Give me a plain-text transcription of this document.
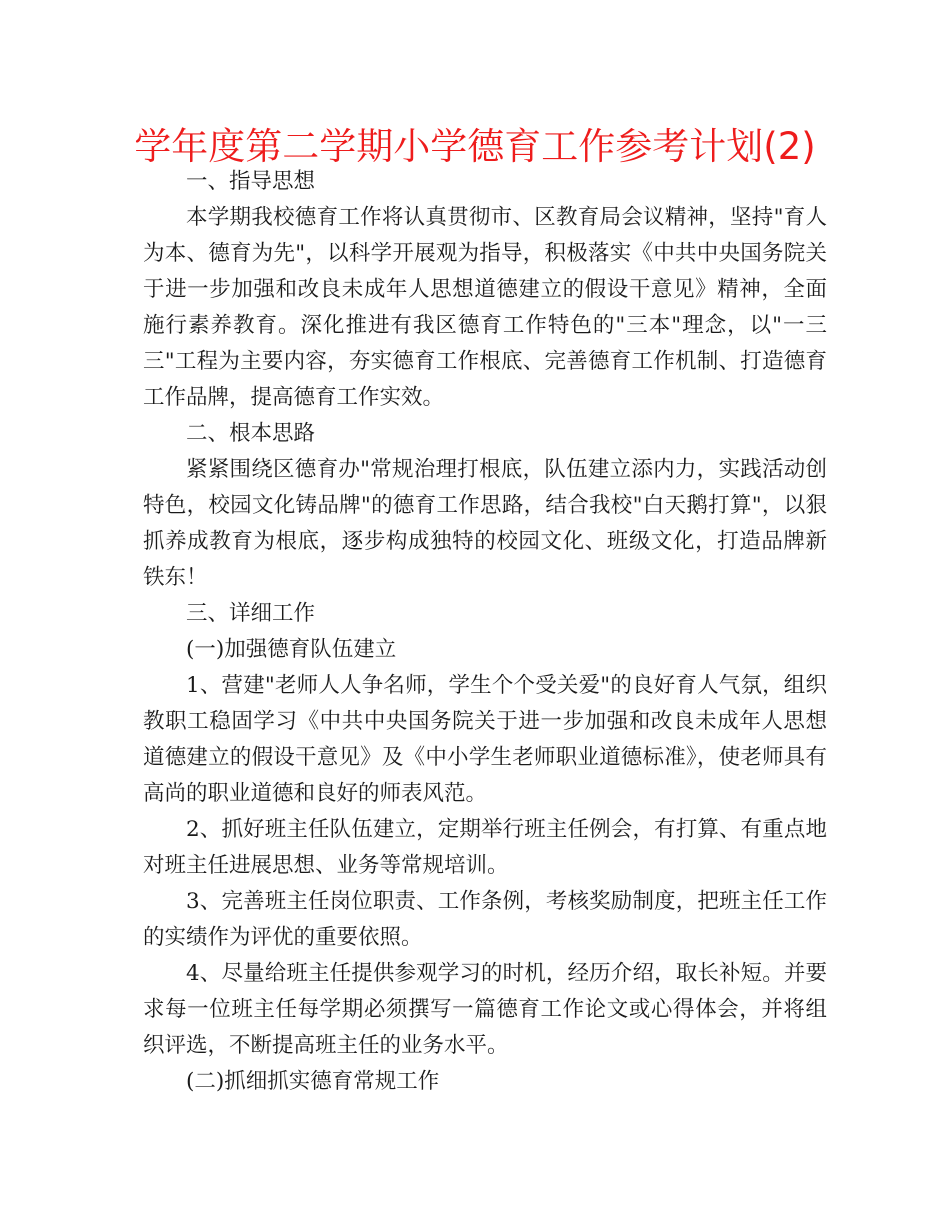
学年度第二学期小学德育工作参考计划(2)

一、指导思想

本学期我校德育工作将认真贯彻市、区教育局会议精神，坚持"育人为本、德育为先"，以科学开展观为指导，积极落实《中共中央国务院关于进一步加强和改良未成年人思想道德建立的假设干意见》精神，全面施行素养教育。深化推进有我区德育工作特色的"三本"理念，以"一三三"工程为主要内容，夯实德育工作根底、完善德育工作机制、打造德育工作品牌，提高德育工作实效。

二、根本思路

紧紧围绕区德育办"常规治理打根底，队伍建立添内力，实践活动创特色，校园文化铸品牌"的德育工作思路，结合我校"白天鹅打算"，以狠抓养成教育为根底，逐步构成独特的校园文化、班级文化，打造品牌新铁东！

三、详细工作

(一)加强德育队伍建立

1、营建"老师人人争名师，学生个个受关爱"的良好育人气氛，组织教职工稳固学习《中共中央国务院关于进一步加强和改良未成年人思想道德建立的假设干意见》及《中小学生老师职业道德标准》，使老师具有高尚的职业道德和良好的师表风范。

2、抓好班主任队伍建立，定期举行班主任例会，有打算、有重点地对班主任进展思想、业务等常规培训。

3、完善班主任岗位职责、工作条例，考核奖励制度，把班主任工作的实绩作为评优的重要依照。

4、尽量给班主任提供参观学习的时机，经历介绍，取长补短。并要求每一位班主任每学期必须撰写一篇德育工作论文或心得体会，并将组织评选，不断提高班主任的业务水平。

(二)抓细抓实德育常规工作
